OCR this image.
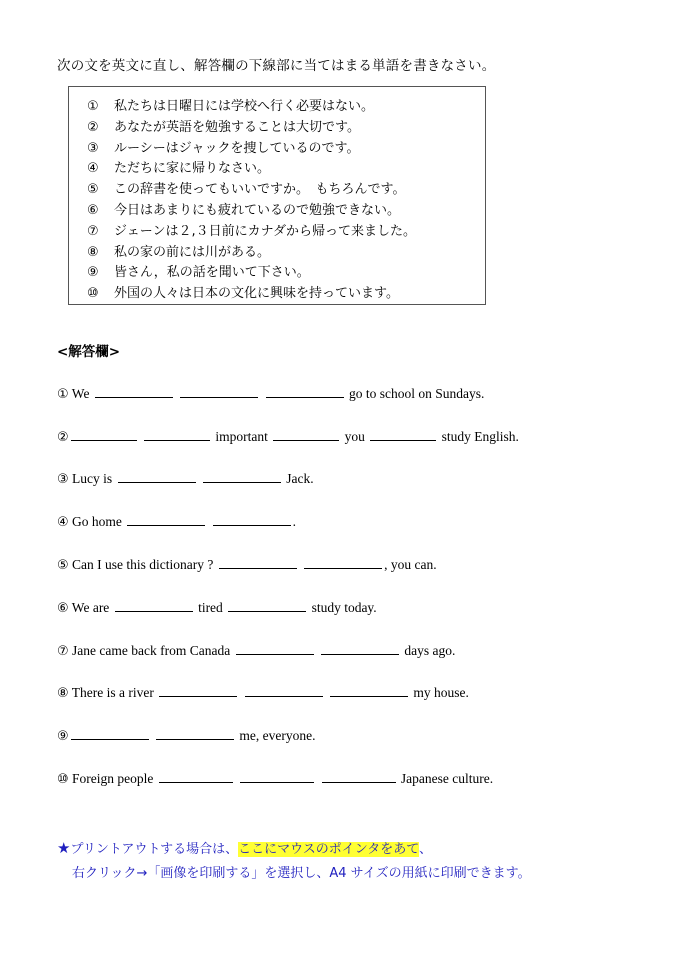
次の文を英文に直し、解答欄の下線部に当てはまる単語を書きなさい。
① 私たちは日曜日には学校へ行く必要はない。
② あなたが英語を勉強することは大切です。
③ ルーシーはジャックを捜しているのです。
④ ただちに家に帰りなさい。
⑤ この辞書を使ってもいいですか。　もちろんです。
⑥ 今日はあまりにも疲れているので勉強できない。
⑦ ジェーンは２,３日前にカナダから帰って来ました。
⑧ 私の家の前には川がある。
⑨ 皆さん，私の話を聞いて下さい。
⑩ 外国の人々は日本の文化に興味を持っています。
<解答欄>
① We	go to school on Sundays.
②	important	you	study English.
③ Lucy is	Jack.
④ Go home	.
⑤ Can I use this dictionary ?	, you can.
⑥ We are	tired	study today.
⑦ Jane came back from Canada	days ago.
⑧ There is a river	my house.
⑨	me, everyone.
⑩ Foreign people	Japanese culture.
★プリントアウトする場合は、ここにマウスのポインタをあて、
右クリック→「画像を印刷する」を選択し、A4 サイズの用紙に印刷できます。
